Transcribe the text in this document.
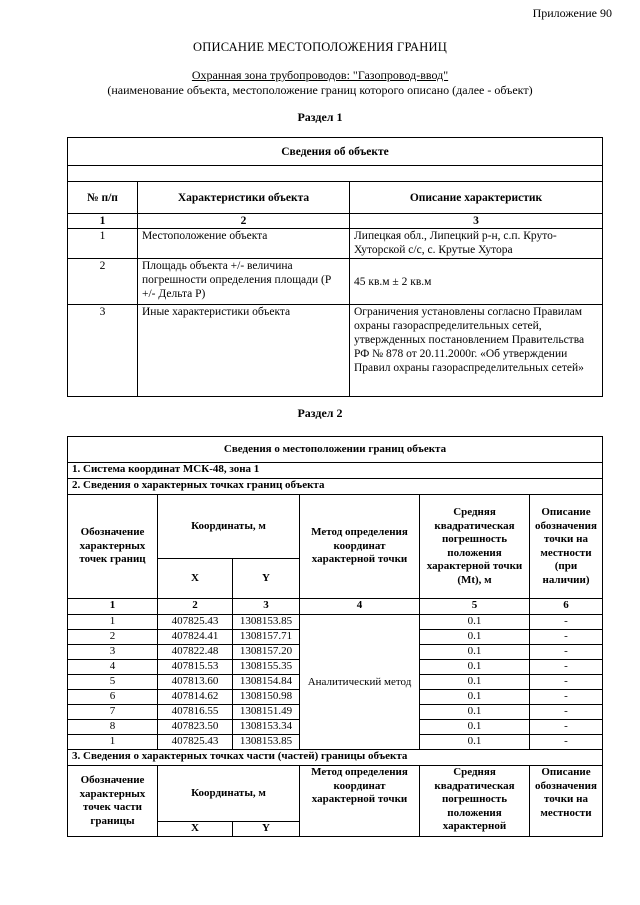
Приложение 90
ОПИСАНИЕ МЕСТОПОЛОЖЕНИЯ ГРАНИЦ
Охранная зона трубопроводов: "Газопровод-ввод"
(наименование объекта, местоположение границ которого описано (далее - объект)
Раздел 1
Сведения об объекте		

№ п/п	Характеристики объекта	Описание характеристик
1	2	3
1	Местоположение объекта	Липецкая обл., Липецкий р-н, с.п. Круто-Хуторской с/с, с. Крутые Хутора
2	Площадь объекта +/- величина погрешности определения площади (Р +/- Дельта Р)	45 кв.м ± 2 кв.м
3	Иные характеристики объекта	Ограничения установлены согласно Правилам охраны газораспределительных сетей, утвержденных постановлением Правительства РФ № 878 от 20.11.2000г. «Об утверждении Правил охраны газораспределительных сетей»
Раздел 2
Сведения о местоположении границ объекта					
1. Система координат МСК-48, зона 1					
2. Сведения о характерных точках границ объекта					
Обозначение характерных точек границ	Координаты, м		Метод определения координат характерной точки	Средняя квадратическая погрешность положения характерной точки (Mt), м	Описание обозначения точки на местности (при наличии)
	X	Y			
1	2	3	4	5	6
1	407825.43	1308153.85	Аналитический метод	0.1	-
2	407824.41	1308157.71		0.1	-
3	407822.48	1308157.20		0.1	-
4	407815.53	1308155.35		0.1	-
5	407813.60	1308154.84		0.1	-
6	407814.62	1308150.98		0.1	-
7	407816.55	1308151.49		0.1	-
8	407823.50	1308153.34		0.1	-
1	407825.43	1308153.85		0.1	-
3. Сведения о характерных точках части (частей) границы объекта					
Обозначение характерных точек части границы	Координаты, м		Метод определения координат характерной точки	Средняя квадратическая погрешность положения характерной	Описание обозначения точки на местности
	X	Y			
